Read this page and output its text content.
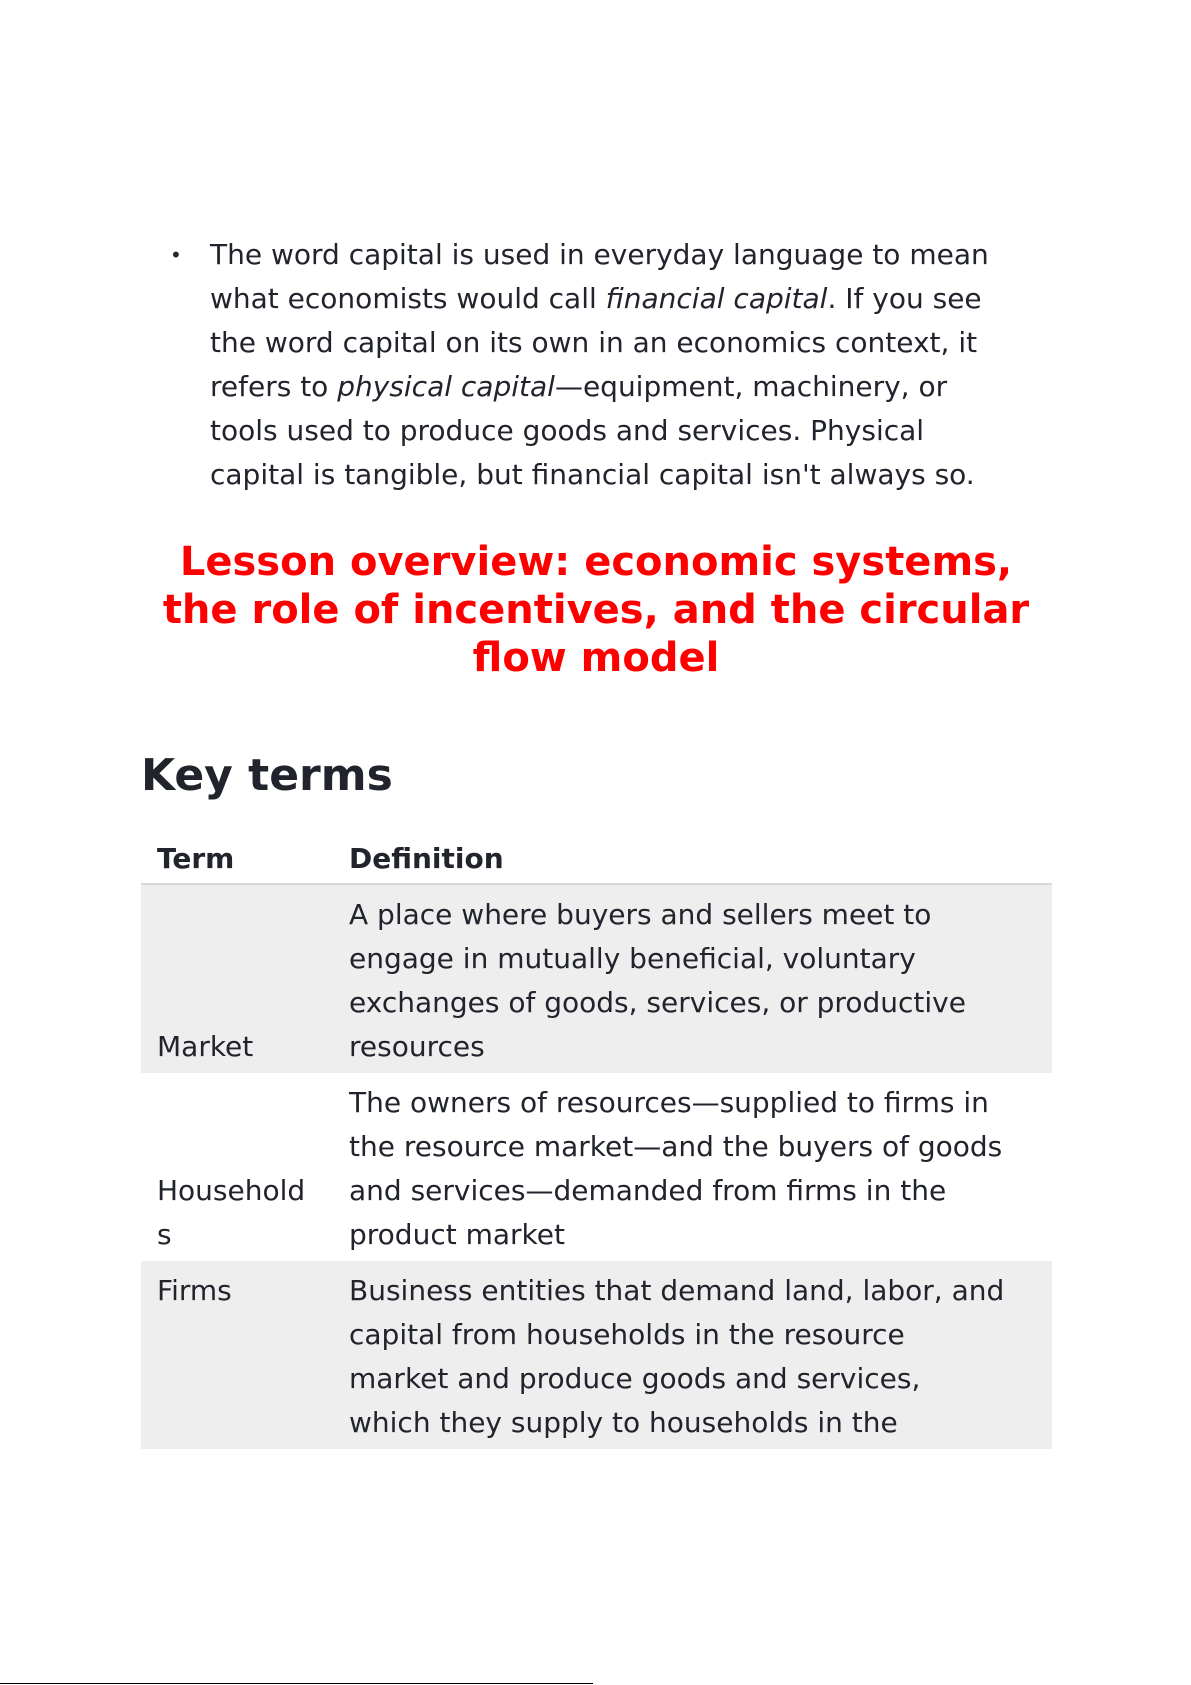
• The word capital is used in everyday language to mean
what economists would call financial capital. If you see
the word capital on its own in an economics context, it
refers to physical capital—equipment, machinery, or
tools used to produce goods and services. Physical
capital is tangible, but financial capital isn't always so.
Lesson overview: economic systems,
the role of incentives, and the circular
flow model
Key terms
Term	Definition

Market	A place where buyers and sellers meet to
engage in mutually beneficial, voluntary
exchanges of goods, services, or productive
resources

Household
s	The owners of resources—supplied to firms in
the resource market—and the buyers of goods
and services—demanded from firms in the
product market

Firms	Business entities that demand land, labor, and
capital from households in the resource
market and produce goods and services,
which they supply to households in the
